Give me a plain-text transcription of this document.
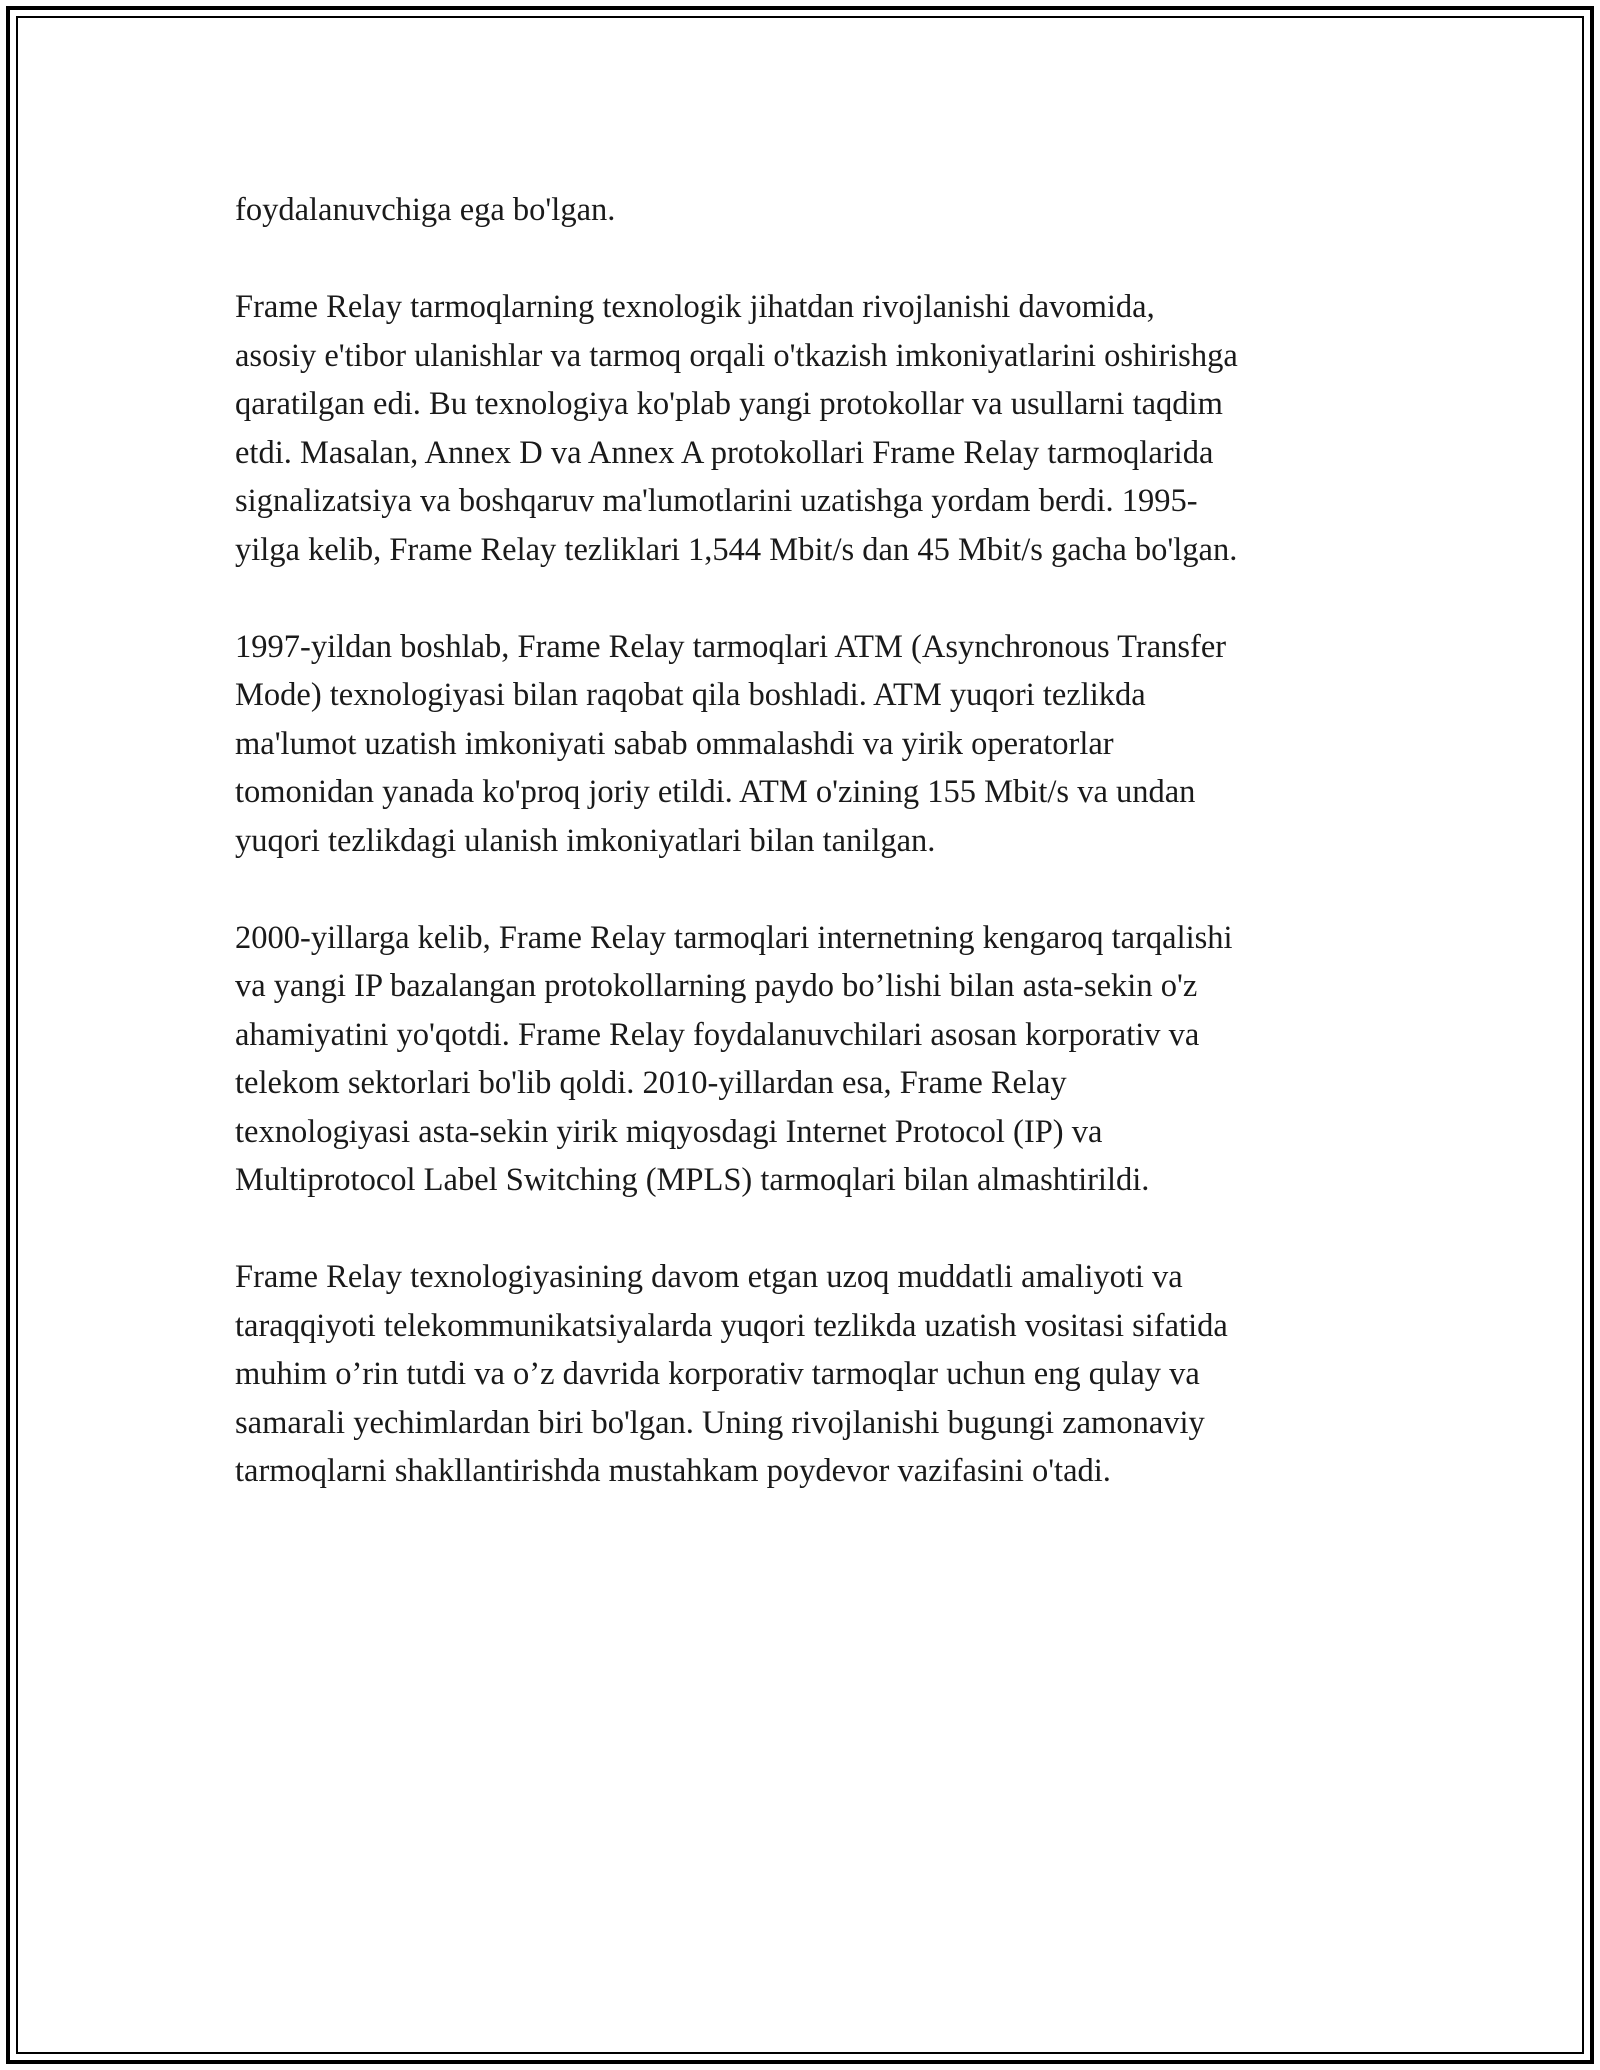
foydalanuvchiga ega bo'lgan.

Frame Relay tarmoqlarning texnologik jihatdan rivojlanishi davomida,
asosiy e'tibor ulanishlar va tarmoq orqali o'tkazish imkoniyatlarini oshirishga
qaratilgan edi. Bu texnologiya ko'plab yangi protokollar va usullarni taqdim
etdi. Masalan, Annex D va Annex A protokollari Frame Relay tarmoqlarida
signalizatsiya va boshqaruv ma'lumotlarini uzatishga yordam berdi. 1995-
yilga kelib, Frame Relay tezliklari 1,544 Mbit/s dan 45 Mbit/s gacha bo'lgan.

1997-yildan boshlab, Frame Relay tarmoqlari ATM (Asynchronous Transfer
Mode) texnologiyasi bilan raqobat qila boshladi. ATM yuqori tezlikda
ma'lumot uzatish imkoniyati sabab ommalashdi va yirik operatorlar
tomonidan yanada ko'proq joriy etildi. ATM o'zining 155 Mbit/s va undan
yuqori tezlikdagi ulanish imkoniyatlari bilan tanilgan.

2000-yillarga kelib, Frame Relay tarmoqlari internetning kengaroq tarqalishi
va yangi IP bazalangan protokollarning paydo bo’lishi bilan asta-sekin o'z
ahamiyatini yo'qotdi. Frame Relay foydalanuvchilari asosan korporativ va
telekom sektorlari bo'lib qoldi. 2010-yillardan esa, Frame Relay
texnologiyasi asta-sekin yirik miqyosdagi Internet Protocol (IP) va
Multiprotocol Label Switching (MPLS) tarmoqlari bilan almashtirildi.

Frame Relay texnologiyasining davom etgan uzoq muddatli amaliyoti va
taraqqiyoti telekommunikatsiyalarda yuqori tezlikda uzatish vositasi sifatida
muhim o’rin tutdi va o’z davrida korporativ tarmoqlar uchun eng qulay va
samarali yechimlardan biri bo'lgan. Uning rivojlanishi bugungi zamonaviy
tarmoqlarni shakllantirishda mustahkam poydevor vazifasini o'tadi.
